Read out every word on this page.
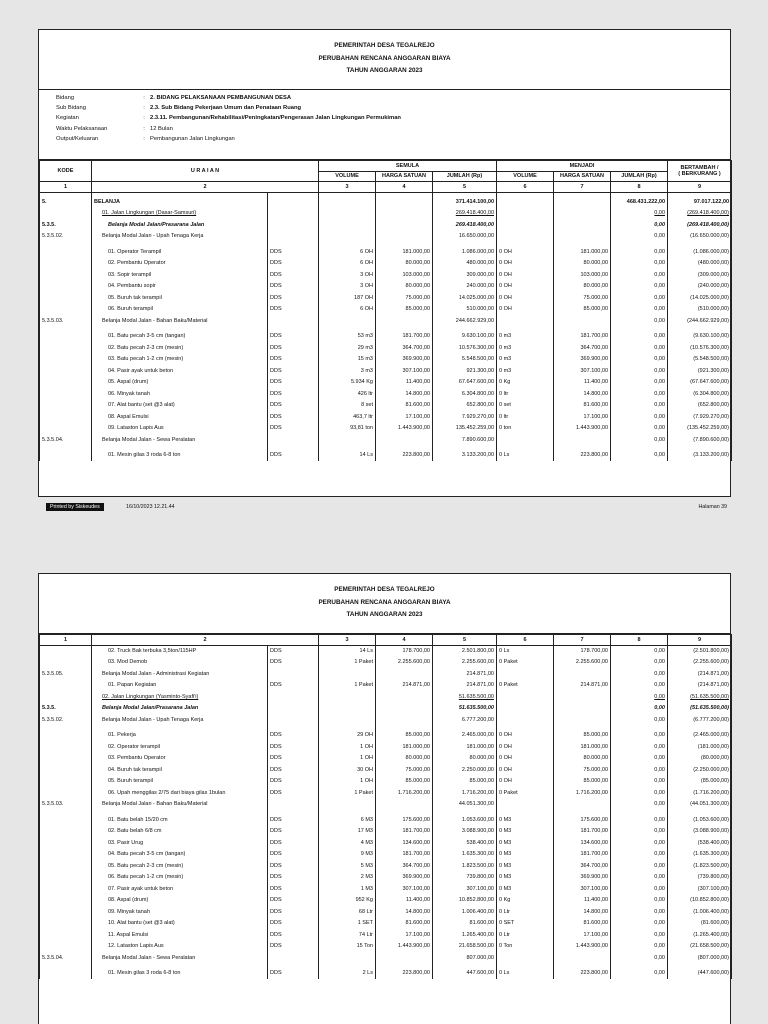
PEMERINTAH DESA TEGALREJO
PERUBAHAN RENCANA ANGGARAN BIAYA
TAHUN ANGGARAN 2023
Bidang	: 2. BIDANG PELAKSANAAN PEMBANGUNAN DESA
Sub Bidang	: 2.3. Sub Bidang Pekerjaan Umum dan Penataan Ruang
Kegiatan	: 2.3.11. Pembangunan/Rehabilitasi/Peningkatan/Pengerasan Jalan Lingkungan Permukiman
Waktu Pelaksanaan	: 12 Bulan
Output/Keluaran	: Pembangunan Jalan Lingkungan
KODE	U R A I A N		SEMULA			MENJADI			BERTAMBAH /
( BERKURANG )
			VOLUME	HARGA SATUAN	JUMLAH (Rp)	VOLUME	HARGA SATUAN	JUMLAH (Rp)	
1	2		3	4	5	6	7	8	9

5.	BELANJA				371.414.100,00			468.431.222,00	97.017.122,00
	01. Jalan Lingkungan (Dasar-Samsuri)				269.418.400,00			0,00	(269.418.400,00)
5.3.5.	Belanja Modal Jalan/Prasarana Jalan				269.418.400,00			0,00	(269.418.400,00)
5.3.5.02.	Belanja Modal Jalan - Upah Tenaga Kerja				16.650.000,00			0,00	(16.650.000,00)

	01. Operator Terampil	DDS	6 OH	181.000,00	1.086.000,00	0 OH	181.000,00	0,00	(1.086.000,00)
	02. Pembantu Operator	DDS	6 OH	80.000,00	480.000,00	0 OH	80.000,00	0,00	(480.000,00)
	03. Sopir terampil	DDS	3 OH	103.000,00	309.000,00	0 OH	103.000,00	0,00	(309.000,00)
	04. Pembantu sopir	DDS	3 OH	80.000,00	240.000,00	0 OH	80.000,00	0,00	(240.000,00)
	05. Buruh tak terampil	DDS	187 OH	75.000,00	14.025.000,00	0 OH	75.000,00	0,00	(14.025.000,00)
	06. Buruh terampil	DDS	6 OH	85.000,00	510.000,00	0 OH	85.000,00	0,00	(510.000,00)
5.3.5.03.	Belanja Modal Jalan - Bahan Baku/Material				244.662.929,00			0,00	(244.662.929,00)

	01. Batu pecah 3-5 cm (tangan)	DDS	53 m3	181.700,00	9.630.100,00	0 m3	181.700,00	0,00	(9.630.100,00)
	02. Batu pecah 2-3 cm (mesin)	DDS	29 m3	364.700,00	10.576.300,00	0 m3	364.700,00	0,00	(10.576.300,00)
	03. Batu pecah 1-2 cm (mesin)	DDS	15 m3	369.900,00	5.548.500,00	0 m3	369.900,00	0,00	(5.548.500,00)
	04. Pasir ayak untuk beton	DDS	3 m3	307.100,00	921.300,00	0 m3	307.100,00	0,00	(921.300,00)
	05. Aspal (drum)	DDS	5.934 Kg	11.400,00	67.647.600,00	0 Kg	11.400,00	0,00	(67.647.600,00)
	06. Minyak tanah	DDS	426 ltr	14.800,00	6.304.800,00	0 ltr	14.800,00	0,00	(6.304.800,00)
	07. Alat bantu (set @3 alat)	DDS	8 set	81.600,00	652.800,00	0 set	81.600,00	0,00	(652.800,00)
	08. Aspal Emulsi	DDS	463,7 ltr	17.100,00	7.929.270,00	0 ltr	17.100,00	0,00	(7.929.270,00)
	09. Lataston Lapis Aus	DDS	93,81 ton	1.443.900,00	135.452.259,00	0 ton	1.443.900,00	0,00	(135.452.259,00)
5.3.5.04.	Belanja Modal Jalan - Sewa Peralatan				7.890.600,00			0,00	(7.890.600,00)

	01. Mesin gilas 3 roda 6-8 ton	DDS	14 Ls	223.800,00	3.133.200,00	0 Ls	223.800,00	0,00	(3.133.200,00)
Printed by Siskeudes	16/10/2023 12.21.44	Halaman 39
PEMERINTAH DESA TEGALREJO
PERUBAHAN RENCANA ANGGARAN BIAYA
TAHUN ANGGARAN 2023
1	2		3	4	5	6	7	8	9
	02. Truck Bak terbuka 3,5ton/115HP	DDS	14 Ls	178.700,00	2.501.800,00	0 Ls	178.700,00	0,00	(2.501.800,00)
	03. Mod Demob	DDS	1 Paket	2.255.600,00	2.255.600,00	0 Paket	2.255.600,00	0,00	(2.255.600,00)
5.3.5.05.	Belanja Modal Jalan - Administrasi Kegiatan				214.871,00			0,00	(214.871,00)
	01. Papan Kegiatan	DDS	1 Paket	214.871,00	214.871,00	0 Paket	214.871,00	0,00	(214.871,00)
	02. Jalan Lingkungan (Yasminto-Syafi'i)				51.635.500,00			0,00	(51.635.500,00)
5.3.5.	Belanja Modal Jalan/Prasarana Jalan				51.635.500,00			0,00	(51.635.500,00)
5.3.5.02.	Belanja Modal Jalan - Upah Tenaga Kerja				6.777.200,00			0,00	(6.777.200,00)

	01. Pekerja	DDS	29 OH	85.000,00	2.465.000,00	0 OH	85.000,00	0,00	(2.465.000,00)
	02. Operator terampil	DDS	1 OH	181.000,00	181.000,00	0 OH	181.000,00	0,00	(181.000,00)
	03. Pembantu Operator	DDS	1 OH	80.000,00	80.000,00	0 OH	80.000,00	0,00	(80.000,00)
	04. Buruh tak terampil	DDS	30 OH	75.000,00	2.250.000,00	0 OH	75.000,00	0,00	(2.250.000,00)
	05. Buruh terampil	DDS	1 OH	85.000,00	85.000,00	0 OH	85.000,00	0,00	(85.000,00)
	06. Upah menggilas 2/75 dari biaya gilas 1bulan	DDS	1 Paket	1.716.200,00	1.716.200,00	0 Paket	1.716.200,00	0,00	(1.716.200,00)
5.3.5.03.	Belanja Modal Jalan - Bahan Baku/Material				44.051.300,00			0,00	(44.051.300,00)

	01. Batu belah 15/20 cm	DDS	6 M3	175.600,00	1.053.600,00	0 M3	175.600,00	0,00	(1.053.600,00)
	02. Batu belah 6/8 cm	DDS	17 M3	181.700,00	3.088.900,00	0 M3	181.700,00	0,00	(3.088.900,00)
	03. Pasir Urug	DDS	4 M3	134.600,00	538.400,00	0 M3	134.600,00	0,00	(538.400,00)
	04. Batu pecah 3-5 cm (tangan)	DDS	9 M3	181.700,00	1.635.300,00	0 M3	181.700,00	0,00	(1.635.300,00)
	05. Batu pecah 2-3 cm (mesin)	DDS	5 M3	364.700,00	1.823.500,00	0 M3	364.700,00	0,00	(1.823.500,00)
	06. Batu pecah 1-2 cm (mesin)	DDS	2 M3	369.900,00	739.800,00	0 M3	369.900,00	0,00	(739.800,00)
	07. Pasir ayak untuk beton	DDS	1 M3	307.100,00	307.100,00	0 M3	307.100,00	0,00	(307.100,00)
	08. Aspal (drum)	DDS	952 Kg	11.400,00	10.852.800,00	0 Kg	11.400,00	0,00	(10.852.800,00)
	09. Minyak tanah	DDS	68 Ltr	14.800,00	1.006.400,00	0 Ltr	14.800,00	0,00	(1.006.400,00)
	10. Alat bantu (set @3 alat)	DDS	1 SET	81.600,00	81.600,00	0 SET	81.600,00	0,00	(81.600,00)
	11. Aspal Emulsi	DDS	74 Ltr	17.100,00	1.265.400,00	0 Ltr	17.100,00	0,00	(1.265.400,00)
	12. Lataston Lapis Aus	DDS	15 Ton	1.443.900,00	21.658.500,00	0 Ton	1.443.900,00	0,00	(21.658.500,00)
5.3.5.04.	Belanja Modal Jalan - Sewa Peralatan				807.000,00			0,00	(807.000,00)

	01. Mesin gilas 3 roda 6-8 ton	DDS	2 Ls	223.800,00	447.600,00	0 Ls	223.800,00	0,00	(447.600,00)
